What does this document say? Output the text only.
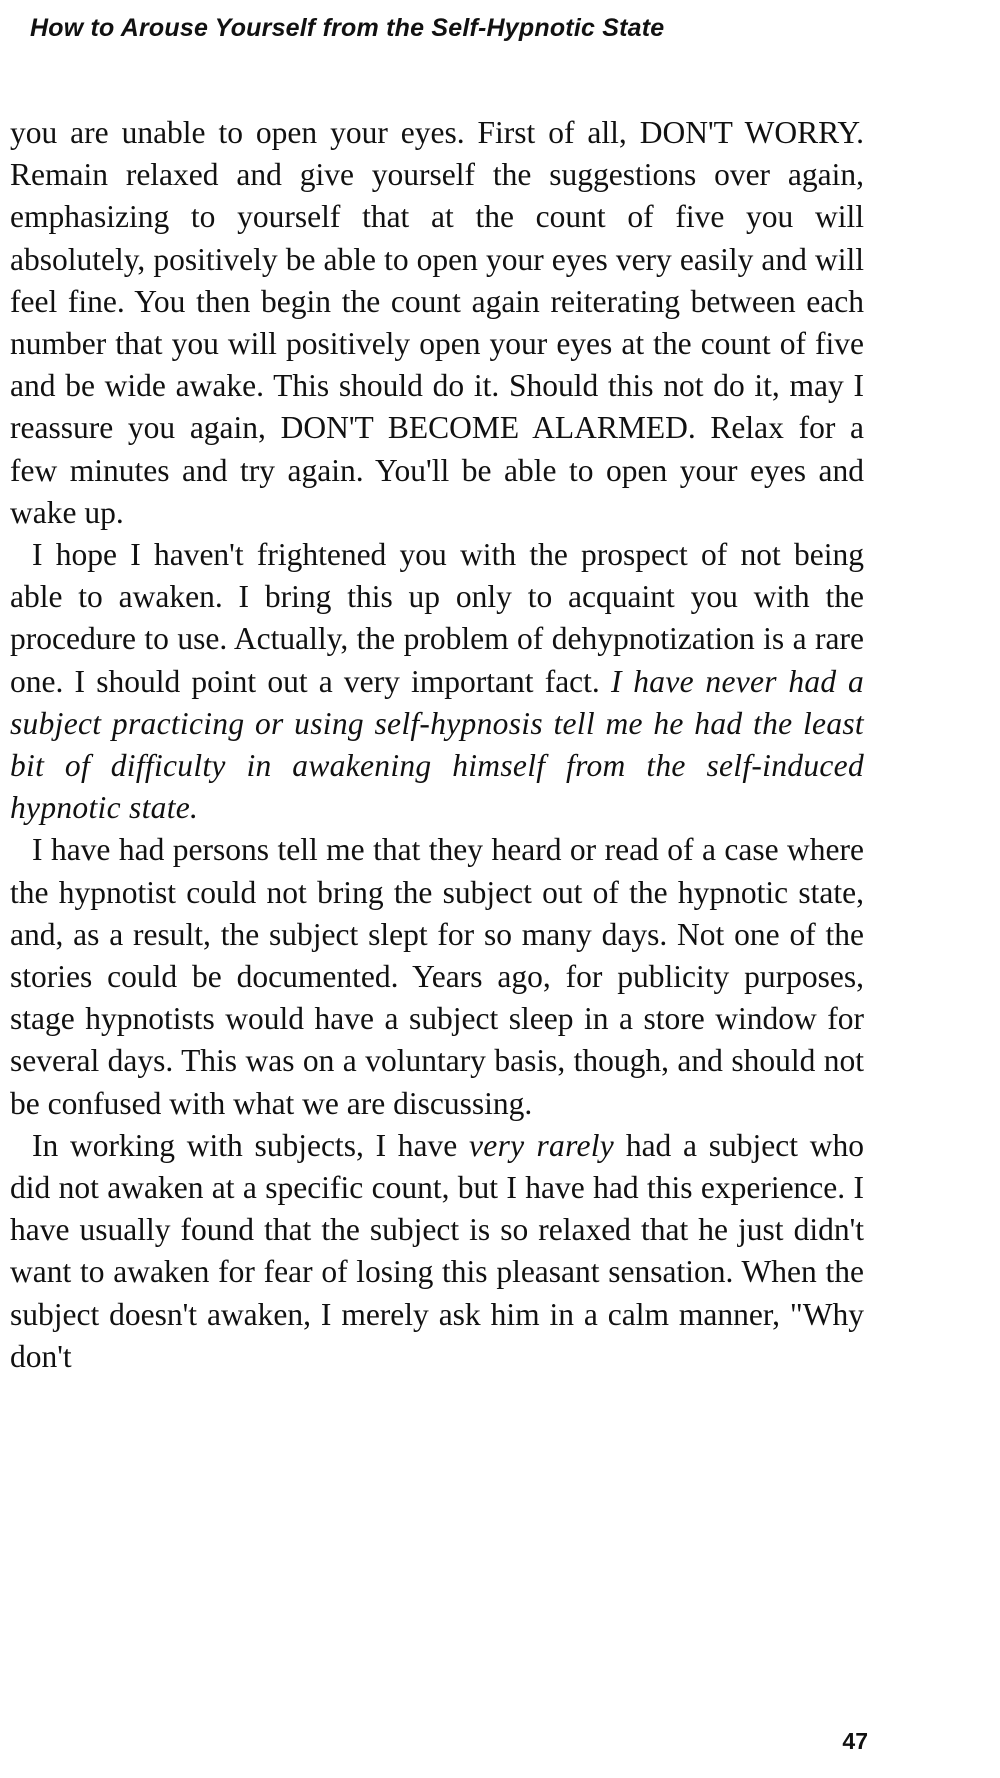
How to Arouse Yourself from the Self-Hypnotic State

you are unable to open your eyes. First of all, DON'T WORRY. Remain relaxed and give yourself the suggestions over again, emphasizing to yourself that at the count of five you will absolutely, positively be able to open your eyes very easily and will feel fine. You then begin the count again reiterating between each number that you will positively open your eyes at the count of five and be wide awake. This should do it. Should this not do it, may I reassure you again, DON'T BECOME ALARMED. Relax for a few minutes and try again. You'll be able to open your eyes and wake up.

I hope I haven't frightened you with the prospect of not being able to awaken. I bring this up only to acquaint you with the procedure to use. Actually, the problem of dehypnotization is a rare one. I should point out a very important fact. I have never had a subject practicing or using self-hypnosis tell me he had the least bit of difficulty in awakening himself from the self-induced hypnotic state.

I have had persons tell me that they heard or read of a case where the hypnotist could not bring the subject out of the hypnotic state, and, as a result, the subject slept for so many days. Not one of the stories could be documented. Years ago, for publicity purposes, stage hypnotists would have a subject sleep in a store window for several days. This was on a voluntary basis, though, and should not be confused with what we are discussing.

In working with subjects, I have very rarely had a subject who did not awaken at a specific count, but I have had this experience. I have usually found that the subject is so relaxed that he just didn't want to awaken for fear of losing this pleasant sensation. When the subject doesn't awaken, I merely ask him in a calm manner, "Why don't

47
